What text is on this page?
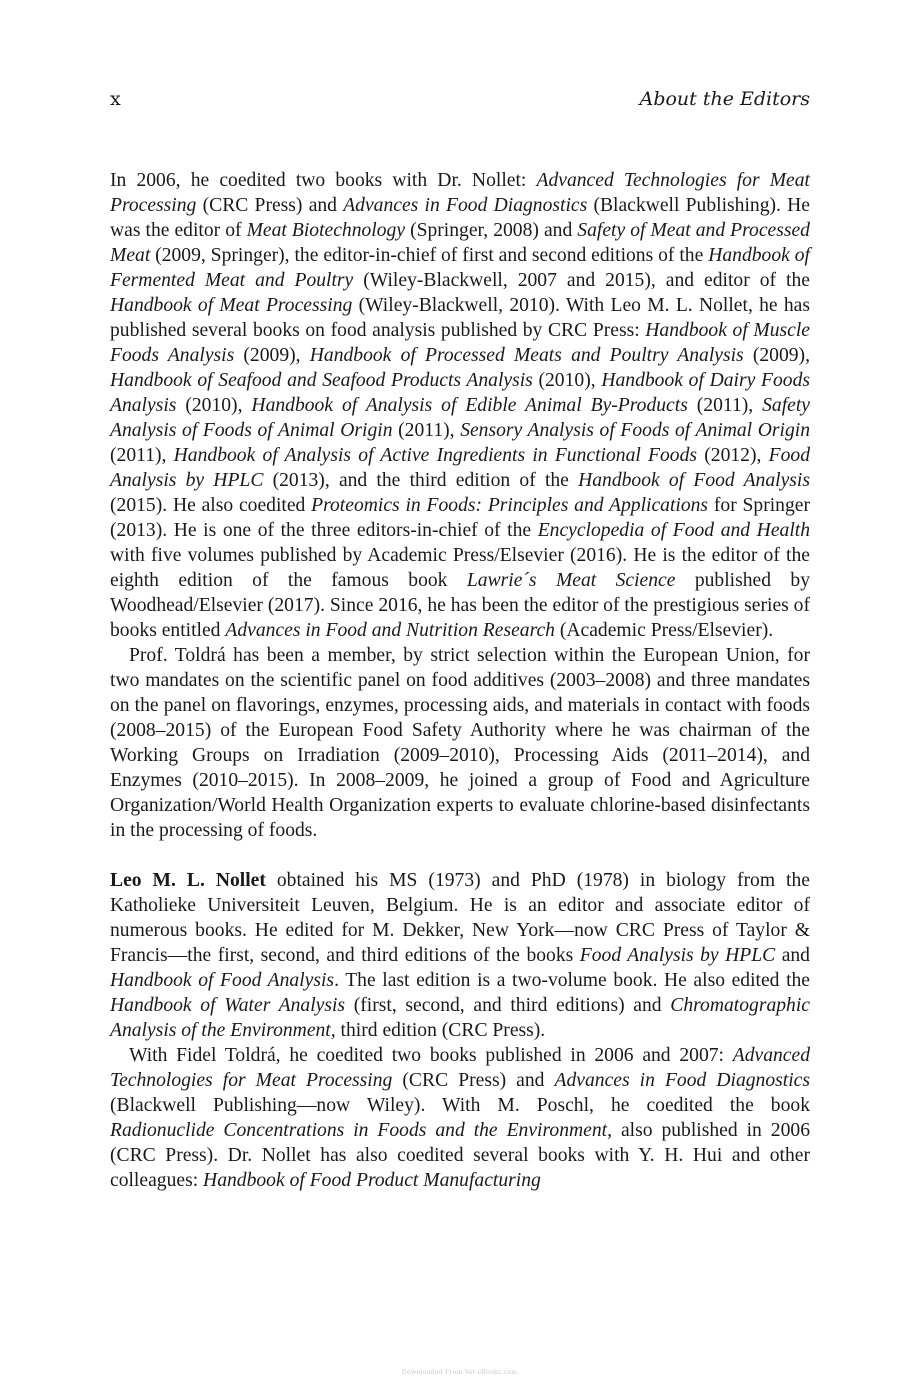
x	About the Editors

In 2006, he coedited two books with Dr. Nollet: Advanced Technologies for Meat Processing (CRC Press) and Advances in Food Diagnostics (Blackwell Publishing). He was the editor of Meat Biotechnology (Springer, 2008) and Safety of Meat and Processed Meat (2009, Springer), the editor-in-chief of first and second editions of the Handbook of Fermented Meat and Poultry (Wiley-Blackwell, 2007 and 2015), and editor of the Handbook of Meat Processing (Wiley-Blackwell, 2010). With Leo M. L. Nollet, he has published several books on food analysis published by CRC Press: Handbook of Muscle Foods Analysis (2009), Handbook of Processed Meats and Poultry Analysis (2009), Handbook of Seafood and Seafood Products Analysis (2010), Handbook of Dairy Foods Analysis (2010), Handbook of Analysis of Edible Animal By-Products (2011), Safety Analysis of Foods of Animal Origin (2011), Sensory Analysis of Foods of Animal Origin (2011), Handbook of Analysis of Active Ingredients in Functional Foods (2012), Food Analysis by HPLC (2013), and the third edition of the Handbook of Food Analysis (2015). He also coedited Proteomics in Foods: Principles and Applications for Springer (2013). He is one of the three editors-in-chief of the Encyclopedia of Food and Health with five volumes published by Academic Press/Elsevier (2016). He is the editor of the eighth edition of the famous book Lawrie´s Meat Science published by Woodhead/Elsevier (2017). Since 2016, he has been the editor of the prestigious series of books entitled Advances in Food and Nutrition Research (Academic Press/Elsevier).

Prof. Toldrá has been a member, by strict selection within the European Union, for two mandates on the scientific panel on food additives (2003–2008) and three mandates on the panel on flavorings, enzymes, processing aids, and materials in contact with foods (2008–2015) of the European Food Safety Authority where he was chairman of the Working Groups on Irradiation (2009–2010), Processing Aids (2011–2014), and Enzymes (2010–2015). In 2008–2009, he joined a group of Food and Agriculture Organization/World Health Organization experts to evaluate chlorine-based disinfectants in the processing of foods.

Leo M. L. Nollet obtained his MS (1973) and PhD (1978) in biology from the Katholieke Universiteit Leuven, Belgium. He is an editor and associate editor of numerous books. He edited for M. Dekker, New York—now CRC Press of Taylor & Francis—the first, second, and third editions of the books Food Analysis by HPLC and Handbook of Food Analysis. The last edition is a two-volume book. He also edited the Handbook of Water Analysis (first, second, and third editions) and Chromatographic Analysis of the Environment, third edition (CRC Press).

With Fidel Toldrá, he coedited two books published in 2006 and 2007: Advanced Technologies for Meat Processing (CRC Press) and Advances in Food Diagnostics (Blackwell Publishing—now Wiley). With M. Poschl, he coedited the book Radionuclide Concentrations in Foods and the Environment, also published in 2006 (CRC Press). Dr. Nollet has also coedited several books with Y. H. Hui and other colleagues: Handbook of Food Product Manufacturing

Downloaded From Vet-eBooks.com
